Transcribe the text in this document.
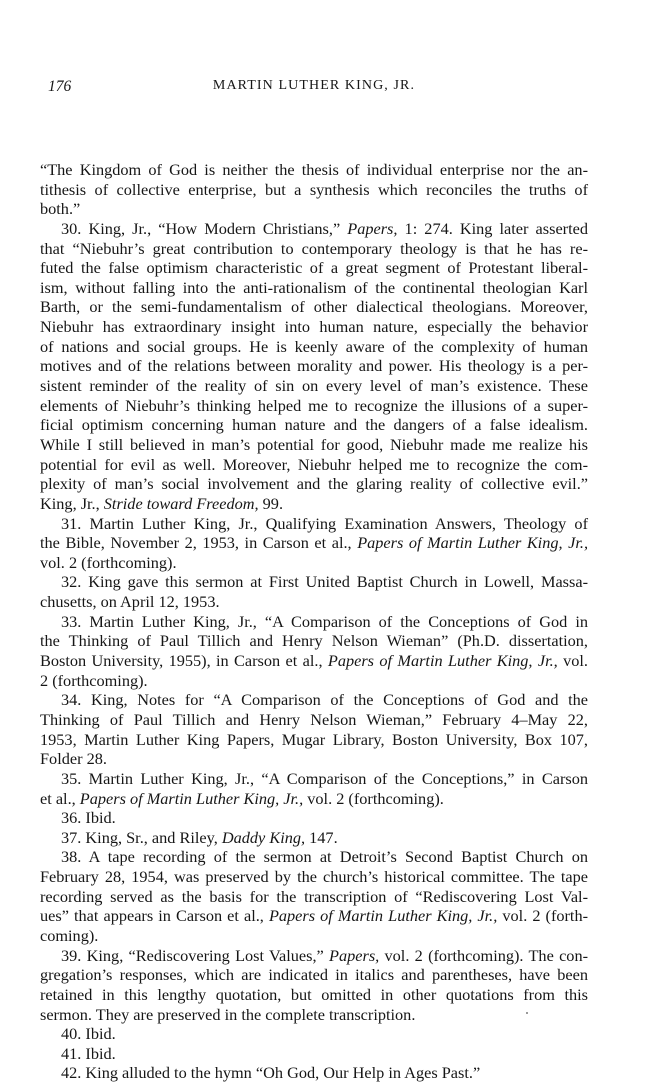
176	MARTIN LUTHER KING, JR.
“The Kingdom of God is neither the thesis of individual enterprise nor the an-
tithesis of collective enterprise, but a synthesis which reconciles the truths of
both.”
30. King, Jr., “How Modern Christians,” Papers, 1: 274. King later asserted
that “Niebuhr’s great contribution to contemporary theology is that he has re-
futed the false optimism characteristic of a great segment of Protestant liberal-
ism, without falling into the anti-rationalism of the continental theologian Karl
Barth, or the semi-fundamentalism of other dialectical theologians. Moreover,
Niebuhr has extraordinary insight into human nature, especially the behavior
of nations and social groups. He is keenly aware of the complexity of human
motives and of the relations between morality and power. His theology is a per-
sistent reminder of the reality of sin on every level of man’s existence. These
elements of Niebuhr’s thinking helped me to recognize the illusions of a super-
ficial optimism concerning human nature and the dangers of a false idealism.
While I still believed in man’s potential for good, Niebuhr made me realize his
potential for evil as well. Moreover, Niebuhr helped me to recognize the com-
plexity of man’s social involvement and the glaring reality of collective evil.”
King, Jr., Stride toward Freedom, 99.
31. Martin Luther King, Jr., Qualifying Examination Answers, Theology of
the Bible, November 2, 1953, in Carson et al., Papers of Martin Luther King, Jr.,
vol. 2 (forthcoming).
32. King gave this sermon at First United Baptist Church in Lowell, Massa-
chusetts, on April 12, 1953.
33. Martin Luther King, Jr., “A Comparison of the Conceptions of God in
the Thinking of Paul Tillich and Henry Nelson Wieman” (Ph.D. dissertation,
Boston University, 1955), in Carson et al., Papers of Martin Luther King, Jr., vol.
2 (forthcoming).
34. King, Notes for “A Comparison of the Conceptions of God and the
Thinking of Paul Tillich and Henry Nelson Wieman,” February 4–May 22,
1953, Martin Luther King Papers, Mugar Library, Boston University, Box 107,
Folder 28.
35. Martin Luther King, Jr., “A Comparison of the Conceptions,” in Carson
et al., Papers of Martin Luther King, Jr., vol. 2 (forthcoming).
36. Ibid.
37. King, Sr., and Riley, Daddy King, 147.
38. A tape recording of the sermon at Detroit’s Second Baptist Church on
February 28, 1954, was preserved by the church’s historical committee. The tape
recording served as the basis for the transcription of “Rediscovering Lost Val-
ues” that appears in Carson et al., Papers of Martin Luther King, Jr., vol. 2 (forth-
coming).
39. King, “Rediscovering Lost Values,” Papers, vol. 2 (forthcoming). The con-
gregation’s responses, which are indicated in italics and parentheses, have been
retained in this lengthy quotation, but omitted in other quotations from this
sermon. They are preserved in the complete transcription.
40. Ibid.
41. Ibid.
42. King alluded to the hymn “Oh God, Our Help in Ages Past.”
